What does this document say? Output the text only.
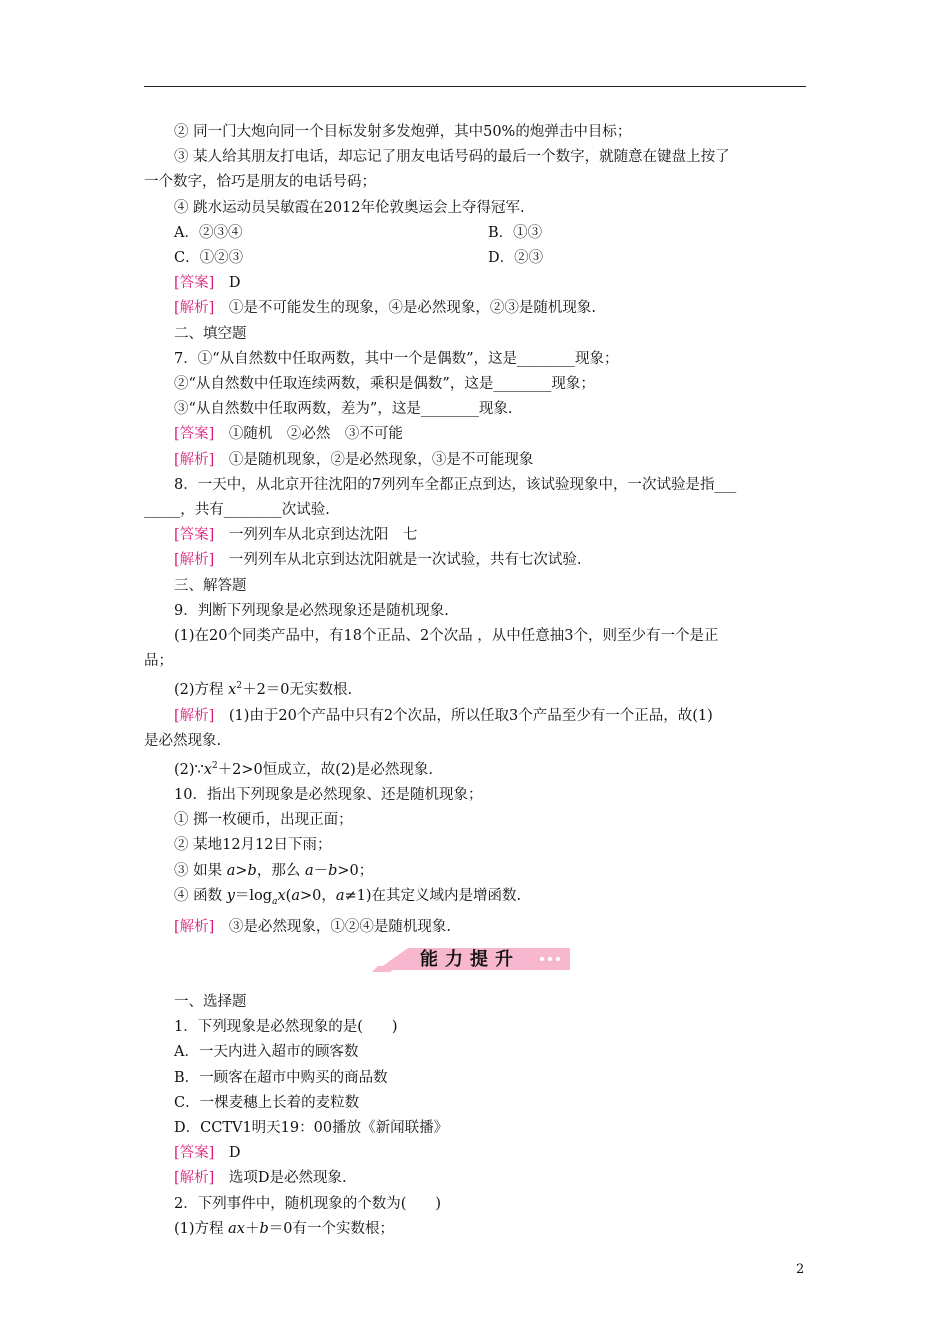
② 同一门大炮向同一个目标发射多发炮弹，其中50%的炮弹击中目标；

③ 某人给其朋友打电话，却忘记了朋友电话号码的最后一个数字，就随意在键盘上按了

一个数字，恰巧是朋友的电话号码；

④ 跳水运动员吴敏霞在2012年伦敦奥运会上夺得冠军.

A．②③④	B．①③
C．①②③	D．②③

[答案]　D

[解析]　①是不可能发生的现象，④是必然现象，②③是随机现象.

二、填空题

7．①“从自然数中任取两数，其中一个是偶数”，这是________现象；

②“从自然数中任取连续两数，乘积是偶数”，这是________现象；

③“从自然数中任取两数，差为”，这是________现象.

[答案]　①随机　②必然　③不可能

[解析]　①是随机现象，②是必然现象，③是不可能现象

8．一天中，从北京开往沈阳的7列列车全都正点到达，该试验现象中，一次试验是指___

_____，共有________次试验.

[答案]　一列列车从北京到达沈阳　七

[解析]　一列列车从北京到达沈阳就是一次试验，共有七次试验.

三、解答题

9．判断下列现象是必然现象还是随机现象.

(1)在20个同类产品中，有18个正品、2个次品 ，从中任意抽3个，则至少有一个是正

品；

(2)方程 $x^2+2=0$无实数根.

[解析]　(1)由于20个产品中只有2个次品，所以任取3个产品至少有一个正品，故(1)

是必然现象.

$(2)\because x^2+2>0$恒成立，故(2)是必然现象.

10．指出下列现象是必然现象、还是随机现象；

① 掷一枚硬币，出现正面；

② 某地12月12日下雨；

③ 如果 a>b，那么 a－b>0；

④ 函数 $y=\log_ax(a>0$，a≠1)在其定义域内是增函数.

[解析]　③是必然现象，①②④是随机现象.

能力提升

一、选择题

1．下列现象是必然现象的是(　　)

A．一天内进入超市的顾客数

B．一顾客在超市中购买的商品数

C．一棵麦穗上长着的麦粒数

D．CCTV1明天19：00播放《新闻联播》

[答案]　D

[解析]　选项D是必然现象.

2．下列事件中，随机现象的个数为(　　)

(1)方程 ax＋b＝0有一个实数根；

2
